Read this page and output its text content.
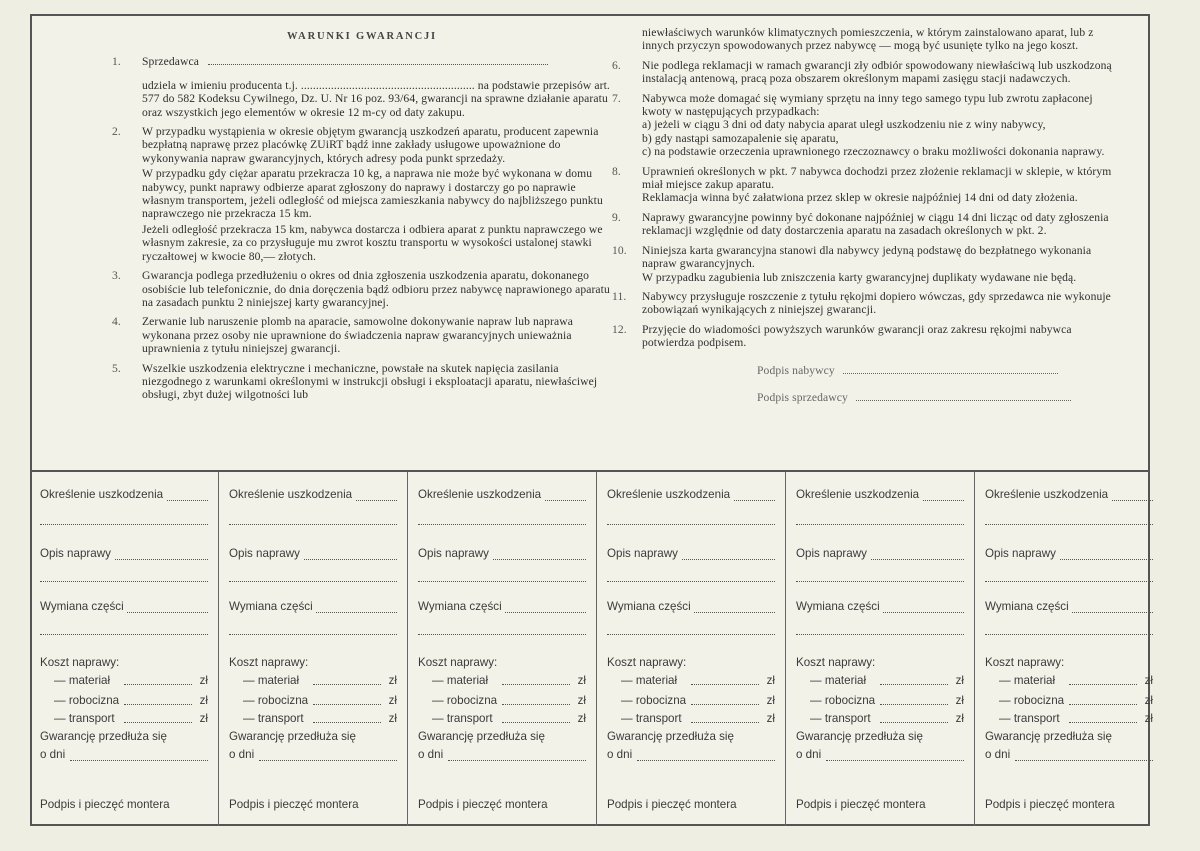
WARUNKI GWARANCJI
1. Sprzedawca
udziela w imieniu producenta t.j. .......................................................... na podstawie przepisów art. 577 do 582 Kodeksu Cywilnego, Dz. U. Nr 16 poz. 93/64, gwarancji na sprawne działanie aparatu oraz wszystkich jego elementów w okresie 12 m-cy od daty zakupu.
2. W przypadku wystąpienia w okresie objętym gwarancją uszkodzeń aparatu, producent zapewnia bezpłatną naprawę przez placówkę ZUiRT bądź inne zakłady usługowe upoważnione do wykonywania napraw gwarancyjnych, których adresy poda punkt sprzedaży.
W przypadku gdy ciężar aparatu przekracza 10 kg, a naprawa nie może być wykonana w domu nabywcy, punkt naprawy odbierze aparat zgłoszony do naprawy i dostarczy go po naprawie własnym transportem, jeżeli odległość od miejsca zamieszkania nabywcy do najbliższego punktu naprawczego nie przekracza 15 km.
Jeżeli odległość przekracza 15 km, nabywca dostarcza i odbiera aparat z punktu naprawczego we własnym zakresie, za co przysługuje mu zwrot kosztu transportu w wysokości ustalonej stawki ryczałtowej w kwocie 80,— złotych.
3. Gwarancja podlega przedłużeniu o okres od dnia zgłoszenia uszkodzenia aparatu, dokonanego osobiście lub telefonicznie, do dnia doręczenia bądź odbioru przez nabywcę naprawionego aparatu na zasadach punktu 2 niniejszej karty gwarancyjnej.
4. Zerwanie lub naruszenie plomb na aparacie, samowolne dokonywanie napraw lub naprawa wykonana przez osoby nie uprawnione do świadczenia napraw gwarancyjnych unieważnia uprawnienia z tytułu niniejszej gwarancji.
5. Wszelkie uszkodzenia elektryczne i mechaniczne, powstałe na skutek napięcia zasilania niezgodnego z warunkami określonymi w instrukcji obsługi i eksploatacji aparatu, niewłaściwej obsługi, zbyt dużej wilgotności lub
niewłaściwych warunków klimatycznych pomieszczenia, w którym zainstalowano aparat, lub z innych przyczyn spowodowanych przez nabywcę — mogą być usunięte tylko na jego koszt.
6. Nie podlega reklamacji w ramach gwarancji zły odbiór spowodowany niewłaściwą lub uszkodzoną instalacją antenową, pracą poza obszarem określonym mapami zasięgu stacji nadawczych.
7. Nabywca może domagać się wymiany sprzętu na inny tego samego typu lub zwrotu zapłaconej kwoty w następujących przypadkach:
a) jeżeli w ciągu 3 dni od daty nabycia aparat uległ uszkodzeniu nie z winy nabywcy,
b) gdy nastąpi samozapalenie się aparatu,
c) na podstawie orzeczenia uprawnionego rzeczoznawcy o braku możliwości dokonania naprawy.
8. Uprawnień określonych w pkt. 7 nabywca dochodzi przez złożenie reklamacji w sklepie, w którym miał miejsce zakup aparatu.
Reklamacja winna być załatwiona przez sklep w okresie najpóźniej 14 dni od daty złożenia.
9. Naprawy gwarancyjne powinny być dokonane najpóźniej w ciągu 14 dni licząc od daty zgłoszenia reklamacji względnie od daty dostarczenia aparatu na zasadach określonych w pkt. 2.
10. Niniejsza karta gwarancyjna stanowi dla nabywcy jedyną podstawę do bezpłatnego wykonania napraw gwarancyjnych.
W przypadku zagubienia lub zniszczenia karty gwarancyjnej duplikaty wydawane nie będą.
11. Nabywcy przysługuje roszczenie z tytułu rękojmi dopiero wówczas, gdy sprzedawca nie wykonuje zobowiązań wynikających z niniejszej gwarancji.
12. Przyjęcie do wiadomości powyższych warunków gwarancji oraz zakresu rękojmi nabywca potwierdza podpisem.
Podpis nabywcy
Podpis sprzedawcy
Określenie uszkodzenia
Opis naprawy
Wymiana części
Koszt naprawy:
— materiał	zł
— robocizna	zł
— transport	zł
Gwarancję przedłuża się
o dni
Podpis i pieczęć montera
Określenie uszkodzenia
Opis naprawy
Wymiana części
Koszt naprawy:
— materiał	zł
— robocizna	zł
— transport	zł
Gwarancję przedłuża się
o dni
Podpis i pieczęć montera
Określenie uszkodzenia
Opis naprawy
Wymiana części
Koszt naprawy:
— materiał	zł
— robocizna	zł
— transport	zł
Gwarancję przedłuża się
o dni
Podpis i pieczęć montera
Określenie uszkodzenia
Opis naprawy
Wymiana części
Koszt naprawy:
— materiał	zł
— robocizna	zł
— transport	zł
Gwarancję przedłuża się
o dni
Podpis i pieczęć montera
Określenie uszkodzenia
Opis naprawy
Wymiana części
Koszt naprawy:
— materiał	zł
— robocizna	zł
— transport	zł
Gwarancję przedłuża się
o dni
Podpis i pieczęć montera
Określenie uszkodzenia
Opis naprawy
Wymiana części
Koszt naprawy:
— materiał	zł
— robocizna	zł
— transport	zł
Gwarancję przedłuża się
o dni
Podpis i pieczęć montera
